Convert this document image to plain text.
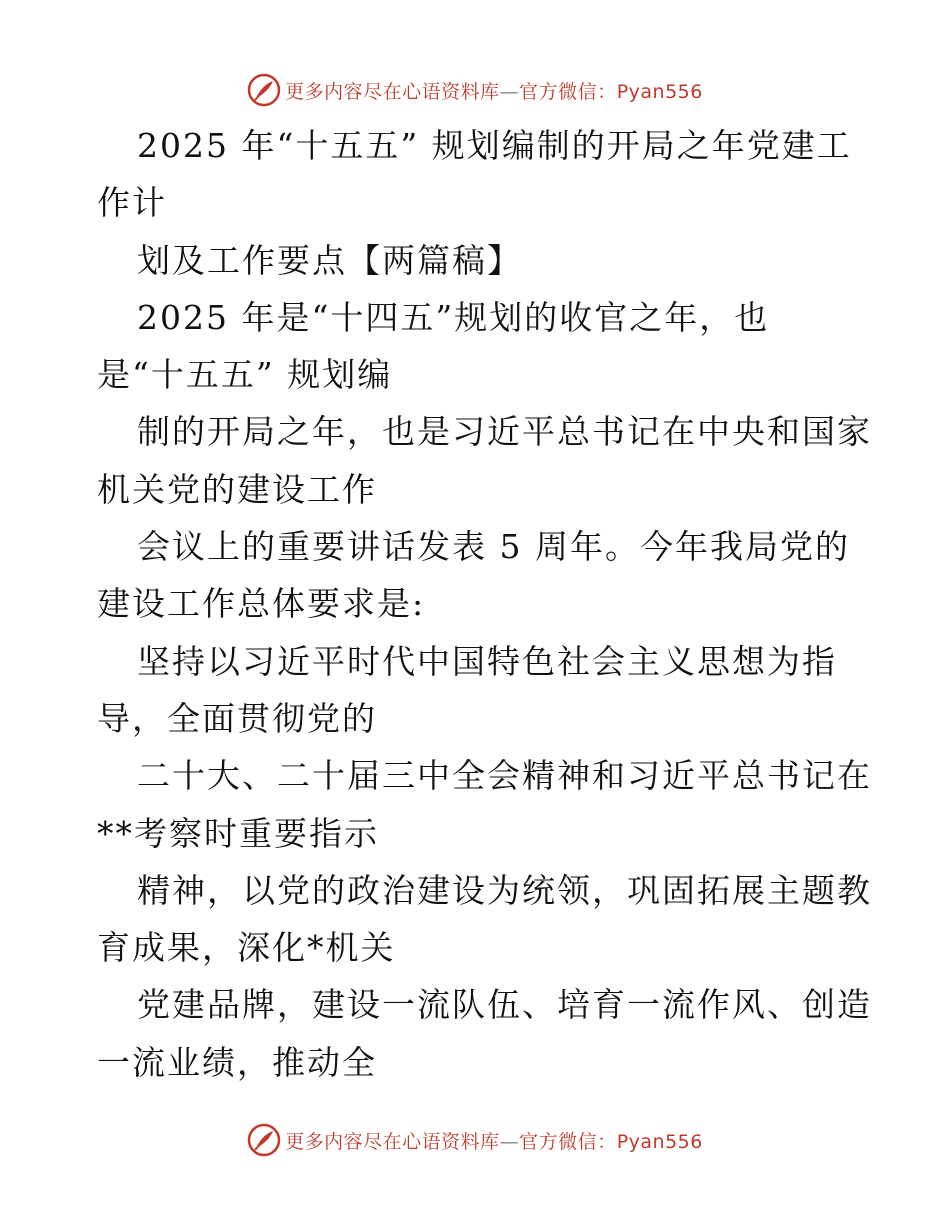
更多内容尽在心语资料库—官方微信：Pyan556
2025 年“十五五” 规划编制的开局之年党建工
作计
划及工作要点【两篇稿】
2025 年是“十四五”规划的收官之年，也
是“十五五” 规划编
制的开局之年，也是习近平总书记在中央和国家
机关党的建设工作
会议上的重要讲话发表 5 周年。今年我局党的
建设工作总体要求是:
坚持以习近平时代中国特色社会主义思想为指
导，全面贯彻党的
二十大、二十届三中全会精神和习近平总书记在
**考察时重要指示
精神，以党的政治建设为统领，巩固拓展主题教
育成果，深化*机关
党建品牌，建设一流队伍、培育一流作风、创造
一流业绩，推动全
更多内容尽在心语资料库—官方微信：Pyan556
